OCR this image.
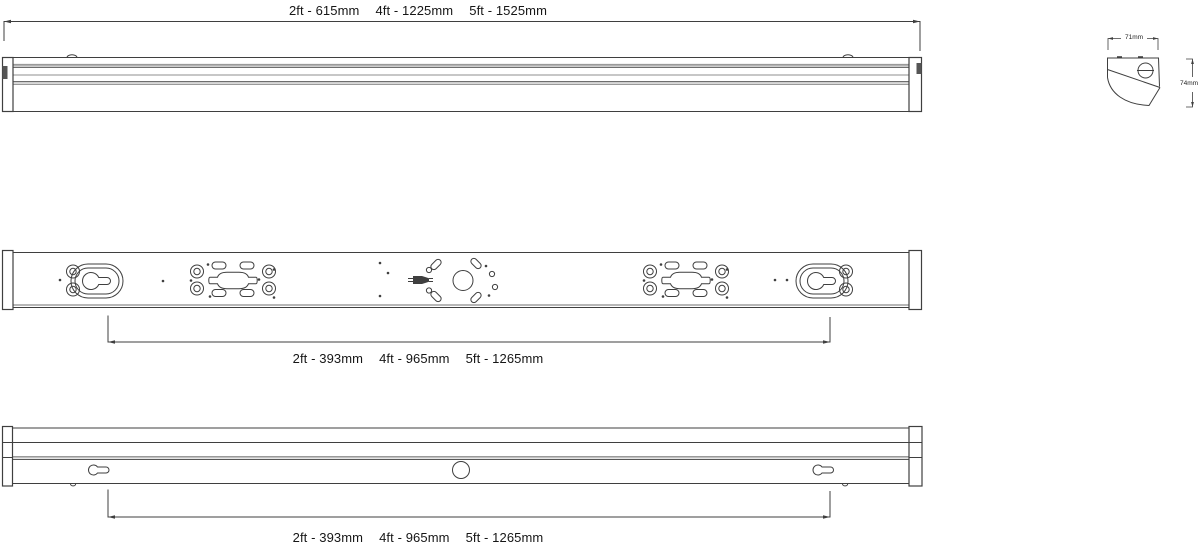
2ft - 615mm 4ft - 1225mm 5ft - 1525mm
2ft - 393mm 4ft - 965mm 5ft - 1265mm
2ft - 393mm 4ft - 965mm 5ft - 1265mm
71mm
74mm
